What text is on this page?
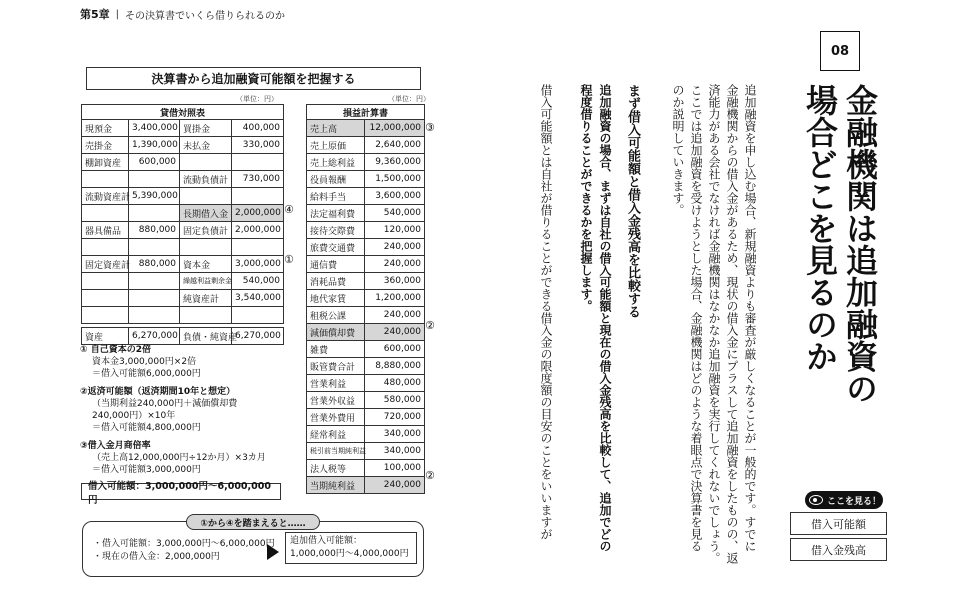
第5章 | その決算書でいくら借りられるのか
決算書から追加融資可能額を把握する
（単位：円）	（単位：円）
貸借対照表			
現預金	3,400,000	買掛金	400,000
売掛金	1,390,000	未払金	330,000
棚卸資産	600,000		
		流動負債計	730,000
流動資産計	5,390,000		
		長期借入金	2,000,000
器具備品	880,000	固定負債計	2,000,000

固定資産計	880,000	資本金	3,000,000
		繰越利益剰余金	540,000
		純資産計	3,540,000

資産	6,270,000	負債・純資産	6,270,000
損益計算書	
売上高	12,000,000
売上原価	2,640,000
売上総利益	9,360,000
役員報酬	1,500,000
給料手当	3,600,000
法定福利費	540,000
接待交際費	120,000
旅費交通費	240,000
通信費	240,000
消耗品費	360,000
地代家賃	1,200,000
租税公課	240,000
減価償却費	240,000
雑費	600,000
販管費合計	8,880,000
営業利益	480,000
営業外収益	580,000
営業外費用	720,000
経常利益	340,000
税引前当期純利益	340,000
法人税等	100,000
当期純利益	240,000
④
①
③
②
②
① 自己資本の2倍
資本金3,000,000円×2倍
＝借入可能額6,000,000円
②返済可能額（返済期間10年と想定）
（当期利益240,000円＋減価償却費
240,000円）×10年
＝借入可能額4,800,000円
③借入金月商倍率
（売上高12,000,000円÷12か月）×3カ月
＝借入可能額3,000,000円
借入可能額：3,000,000円〜6,000,000円
①から④を踏まえると……
・借入可能額：3,000,000円〜6,000,000円
・現在の借入金：2,000,000円
追加借入可能額：
1,000,000円〜4,000,000円
08
金融機関は追加融資の
場合どこを見るのか
追加融資を申し込む場合、新規融資よりも審査が厳しくなることが一般的です。すでに
金融機関からの借入金があるため、現状の借入金にプラスして追加融資をしたものの、返
済能力がある会社でなければ金融機関はなかなか追加融資を実行してくれないでしょう。
ここでは追加融資を受けようとした場合、金融機関はどのような着眼点で決算書を見る
のか説明していきます。
まず借入可能額と借入金残高を比較する
追加融資の場合、まずは自社の借入可能額と現在の借入金残高を比較して、追加でどの
程度借りることができるかを把握します。
借入可能額とは自社が借りることができる借入金の限度額の目安のことをいいますが	ここを見る！
借入可能額
借入金残高
